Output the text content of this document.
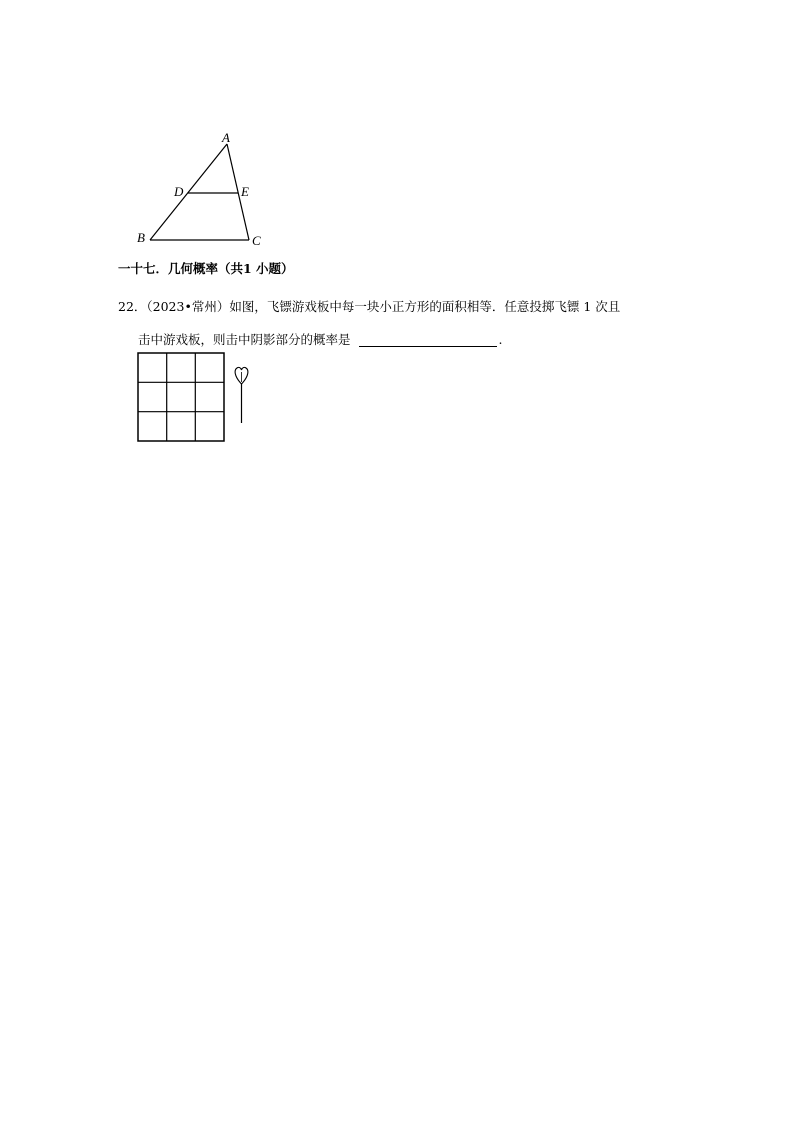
A
B	C
D	E
一十七．几何概率（共1 小题）
22．（2023•常州）如图，飞镖游戏板中每一块小正方形的面积相等．任意投掷飞镖 1 次且
击中游戏板，则击中阴影部分的概率是	.
